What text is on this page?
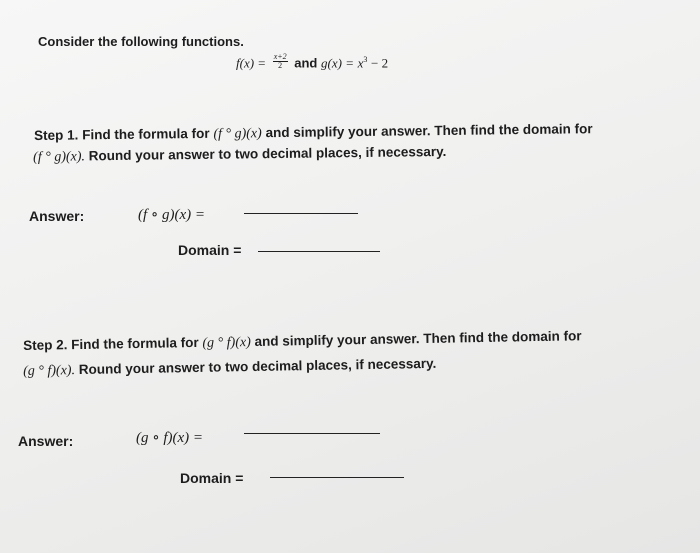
Consider the following functions.
$f(x) = \frac{x+2}{2}$ and $g(x) = x^3 - 2$
Step 1. Find the formula for (f ° g)(x) and simplify your answer. Then find the domain for
(f ° g)(x). Round your answer to two decimal places, if necessary.
Answer:	(f ∘ g)(x) =
Domain =
Step 2. Find the formula for (g ° f)(x) and simplify your answer. Then find the domain for
(g ° f)(x). Round your answer to two decimal places, if necessary.
Answer:	(g ∘ f)(x) =
Domain =
